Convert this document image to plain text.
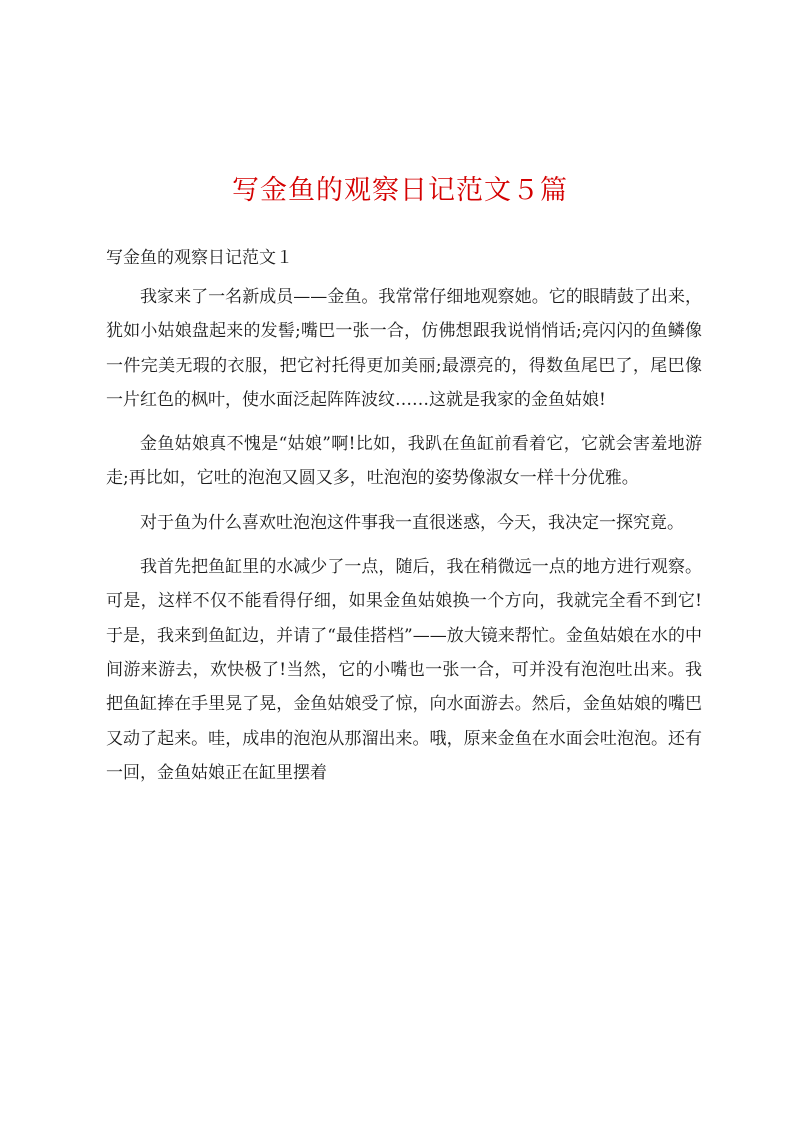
写金鱼的观察日记范文５篇
写金鱼的观察日记范文１

我家来了一名新成员——金鱼。我常常仔细地观察她。它的眼睛鼓了出来，犹如小姑娘盘起来的发髻;嘴巴一张一合，仿佛想跟我说悄悄话;亮闪闪的鱼鳞像一件完美无瑕的衣服，把它衬托得更加美丽;最漂亮的，得数鱼尾巴了，尾巴像一片红色的枫叶，使水面泛起阵阵波纹……这就是我家的金鱼姑娘!

金鱼姑娘真不愧是“姑娘”啊!比如，我趴在鱼缸前看着它，它就会害羞地游走;再比如，它吐的泡泡又圆又多，吐泡泡的姿势像淑女一样十分优雅。

对于鱼为什么喜欢吐泡泡这件事我一直很迷惑，今天，我决定一探究竟。

我首先把鱼缸里的水减少了一点，随后，我在稍微远一点的地方进行观察。可是，这样不仅不能看得仔细，如果金鱼姑娘换一个方向，我就完全看不到它!于是，我来到鱼缸边，并请了“最佳搭档”——放大镜来帮忙。金鱼姑娘在水的中间游来游去，欢快极了!当然，它的小嘴也一张一合，可并没有泡泡吐出来。我把鱼缸捧在手里晃了晃，金鱼姑娘受了惊，向水面游去。然后，金鱼姑娘的嘴巴又动了起来。哇，成串的泡泡从那溜出来。哦，原来金鱼在水面会吐泡泡。还有一回，金鱼姑娘正在缸里摆着
